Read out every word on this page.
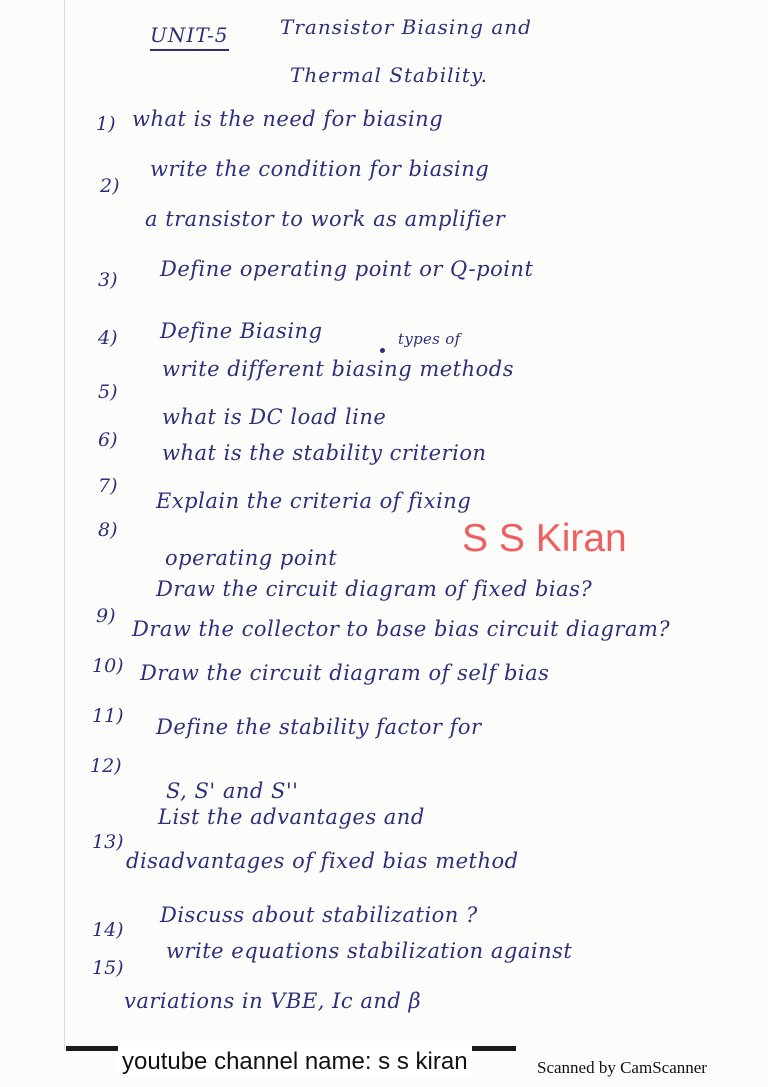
UNIT-5	Transistor Biasing and

Thermal Stability.

1) what is the need for biasing

2)

write the condition for biasing

a transistor to work as amplifier

3) Define operating point or Q-point

4) Define Biasing	types of

5)

write different biasing methods

6)

what is DC load line

7)

what is the stability criterion

8)

Explain the criteria of fixing

operating point

9)

Draw the circuit diagram of fixed bias?

10)

Draw the collector to base bias circuit diagram?

11)

Draw the circuit diagram of self bias

12)

Define the stability factor for

S, S' and S''

13)

List the advantages and

disadvantages of fixed bias method

14)

Discuss about stabilization ?

15)

write equations stabilization against

variations in VBE, Ic and β

S S Kiran

youtube channel name: s s kiran	Scanned by CamScanner
